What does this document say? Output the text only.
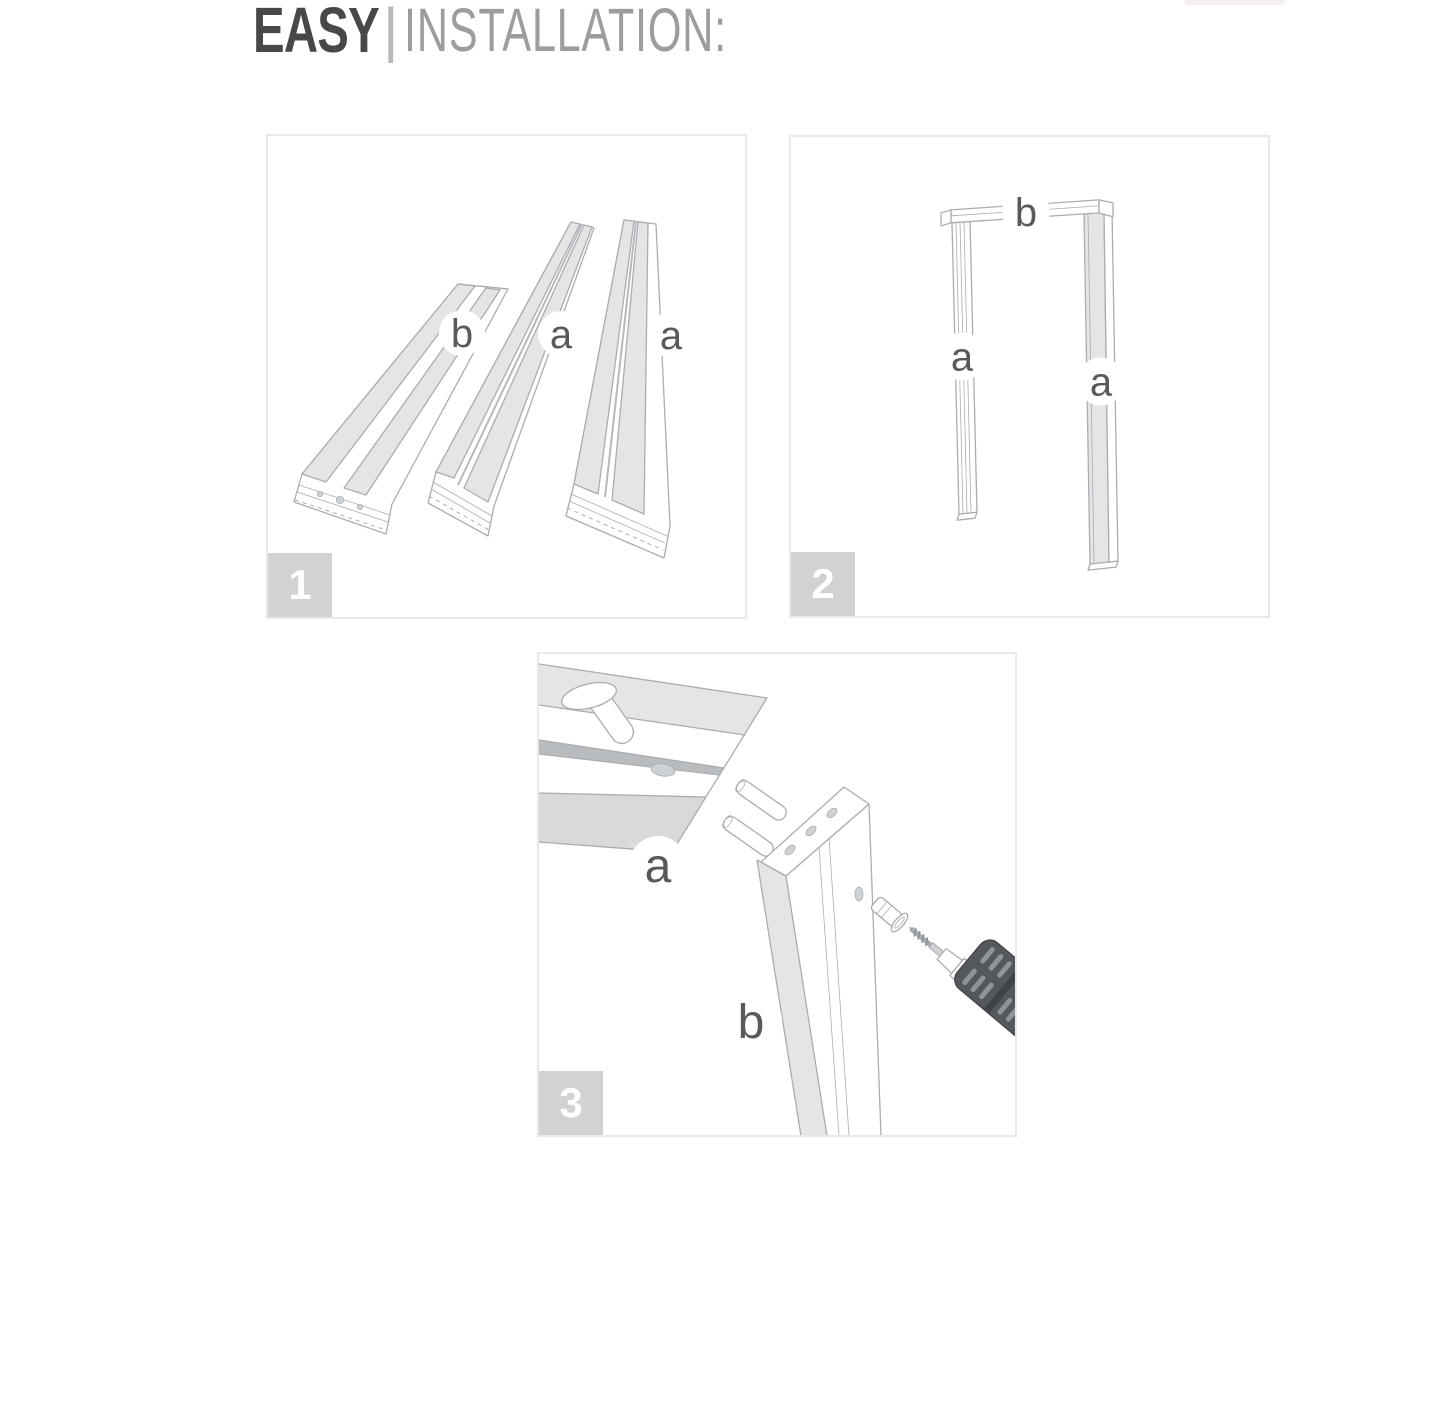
EASY | INSTALLATION:
b a a
1
b
a
a
2
a
b
3
